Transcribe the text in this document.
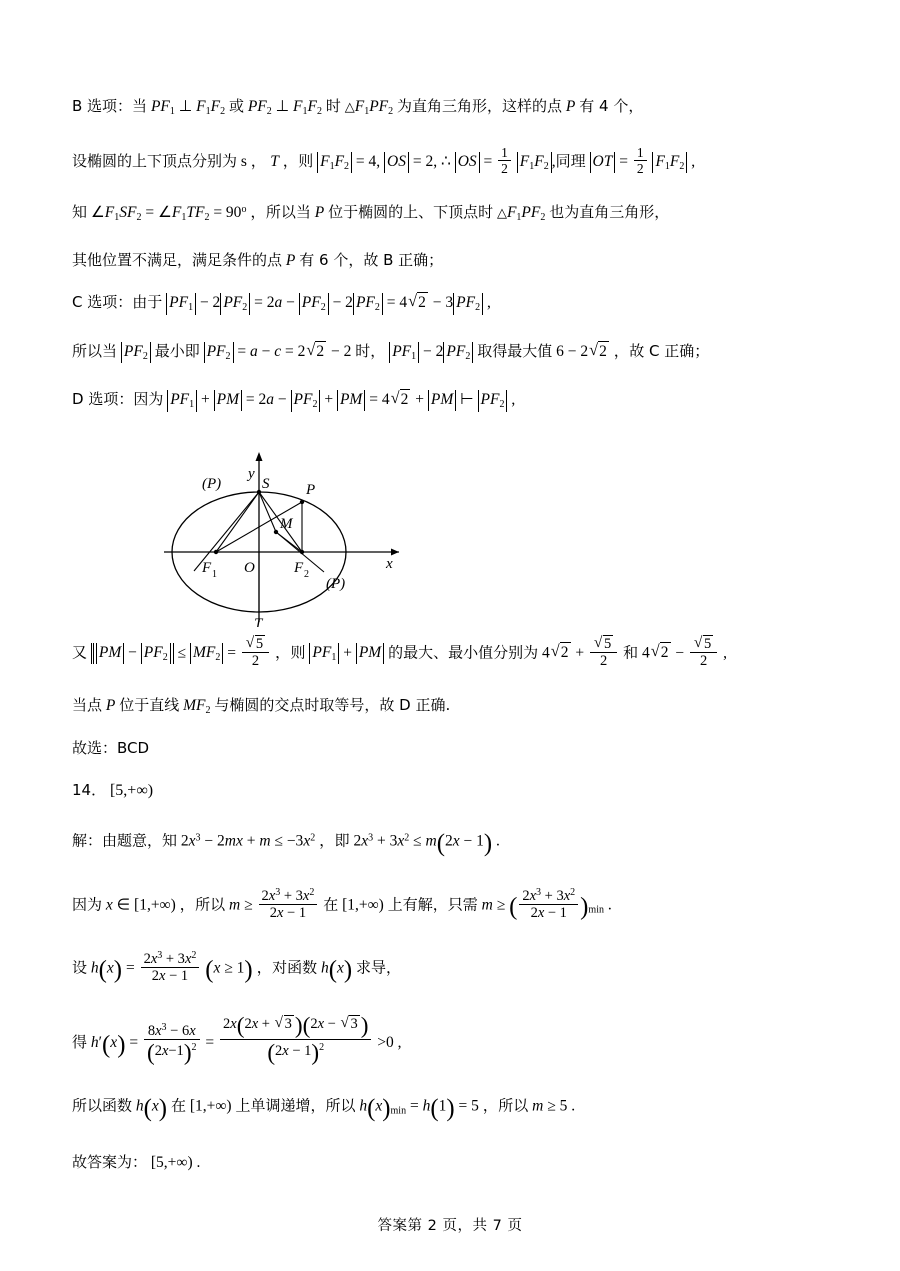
B 选项：当 $PF_1$ ⊥ $F_1F_2$ 或 $PF_2$ ⊥ $F_1F_2$ 时 $\triangle F_1PF_2$ 为直角三角形，这样的点 P 有 4 个，
设椭圆的上下顶点分别为 s ， T ，则 $F_1F_2 = 4$, OS = 2, ∴ OS = $\frac{1}{2} F_1F_2$ ,同理 OT = $\frac{1}{2} F_1F_2$ ,
知 $\angle F_1SF_2$ = $\angle F_1TF_2 = 90^o$ ，所以当 P 位于椭圆的上、下顶点时 $\triangle F_1PF_2$ 也为直角三角形，
其他位置不满足，满足条件的点 P 有 6 个，故 B 正确；
C 选项：由于 $PF_1 - 2$ $PF_2 = 2a - PF_2 - 2$ $PF_2 = 4$ √ 2 − 3 $PF_2$ ,
所以当 $PF_2$ 最小即 $PF_2 = a - c = 2$ √ 2 − 2 时， $PF_1 - 2$ $PF_2$ 取得最大值 6 − 2 √ 2 ，故 C 正确；
D 选项：因为 $PF_1$ + PM = $2a - PF_2$ + PM = 4 √ 2 + PM ⊢ $PF_2$ ,
y
x
O
S
T
P
(P)
(P)
M
F 1	F 2
又 PM − $PF_2 \le MF_2$ = √ $\frac{5}{2}$ ，则 $PF_1$ + PM 的最大、最小值分别为 4 √ 2 + √ $\frac{5}{2}$ 和 4 √ 2 − √ $\frac{5}{2}$ ,
当点 P 位于直线 $MF_2$ 与椭圆的交点时取等号，故 D 正确.
故选：BCD
14． [5,+∞)
解：由题意，知 $2x^3 - 2mx + m \le -3x^2$ ，即 $2x^3 + 3x^2 \le m(2x - 1)$ .
因为 x ∈ [1,+∞) ，所以 $m \ge \frac{2x^3 + 3x^2}{2x - 1}$ 在 [1,+∞) 上有解，只需 m ≥ ( $\frac{2x^3 + 3x^2}{2x - 1} )_{min}$ .
设 $h(x) = \frac{2x^3 + 3x^2}{2x - 1} (x \ge 1)$ ，对函数 h(x) 求导，
得 $h'(x) = \frac{8x^3 - 6x}{(2x-1)^2} = \frac{2x(2x + √ 3 )(2x - √ 3 )}{(2x - 1)^2} >0$ ,
所以函数 h(x) 在 [1,+∞) 上单调递增，所以 $h(x)_{min} = h(1) = 5$ ，所以 m ≥ 5 .
故答案为： [5,+∞) .
答案第 2 页，共 7 页
